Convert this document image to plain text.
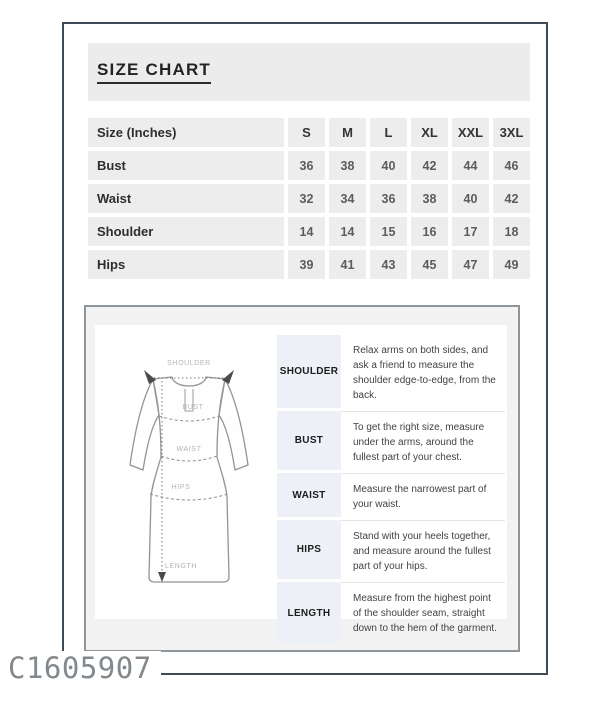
SIZE CHART
Size (Inches)	S	M	L	XL	XXL	3XL
Bust	36	38	40	42	44	46
Waist	32	34	36	38	40	42
Shoulder	14	14	15	16	17	18
Hips	39	41	43	45	47	49
SHOULDER
BUST
WAIST
HIPS
LENGTH
SHOULDER
Relax arms on both sides, and ask a friend to measure the shoulder edge-to-edge, from the back.
BUST
To get the right size, measure under the arms, around the fullest part of your chest.
WAIST	Measure the narrowest part of your waist.
HIPS
Stand with your heels together, and measure around the fullest part of your hips.
LENGTH
Measure from the highest point of the shoulder seam, straight down to the hem of the garment.
C1605907
